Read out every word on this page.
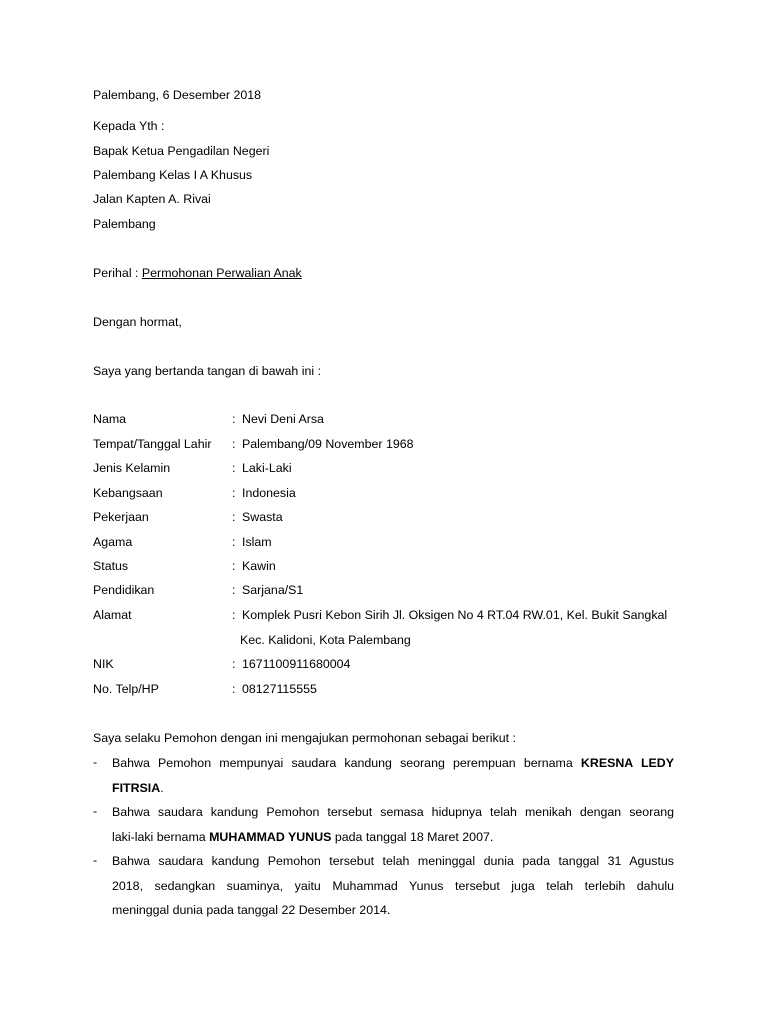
Palembang, 6 Desember 2018
Kepada Yth :
Bapak Ketua Pengadilan Negeri
Palembang Kelas I A Khusus
Jalan Kapten A. Rivai
Palembang
Perihal : Permohonan Perwalian Anak
Dengan hormat,
Saya yang bertanda tangan di bawah ini :
Nama	: Nevi Deni Arsa
Tempat/Tanggal Lahir : Palembang/09 November 1968
Jenis Kelamin	: Laki-Laki
Kebangsaan	: Indonesia
Pekerjaan	: Swasta
Agama	: Islam
Status	: Kawin
Pendidikan	: Sarjana/S1
Alamat	: Komplek Pusri Kebon Sirih Jl. Oksigen No 4 RT.04 RW.01, Kel. Bukit Sangkal
Kec. Kalidoni, Kota Palembang
NIK	: 1671100911680004
No. Telp/HP	: 08127115555
Saya selaku Pemohon dengan ini mengajukan permohonan sebagai berikut :
- Bahwa Pemohon mempunyai saudara kandung seorang perempuan bernama KRESNA LEDY
FITRSIA.
- Bahwa saudara kandung Pemohon tersebut semasa hidupnya telah menikah dengan seorang
laki-laki bernama MUHAMMAD YUNUS pada tanggal 18 Maret 2007.
- Bahwa saudara kandung Pemohon tersebut telah meninggal dunia pada tanggal 31 Agustus
2018, sedangkan suaminya, yaitu Muhammad Yunus tersebut juga telah terlebih dahulu
meninggal dunia pada tanggal 22 Desember 2014.
